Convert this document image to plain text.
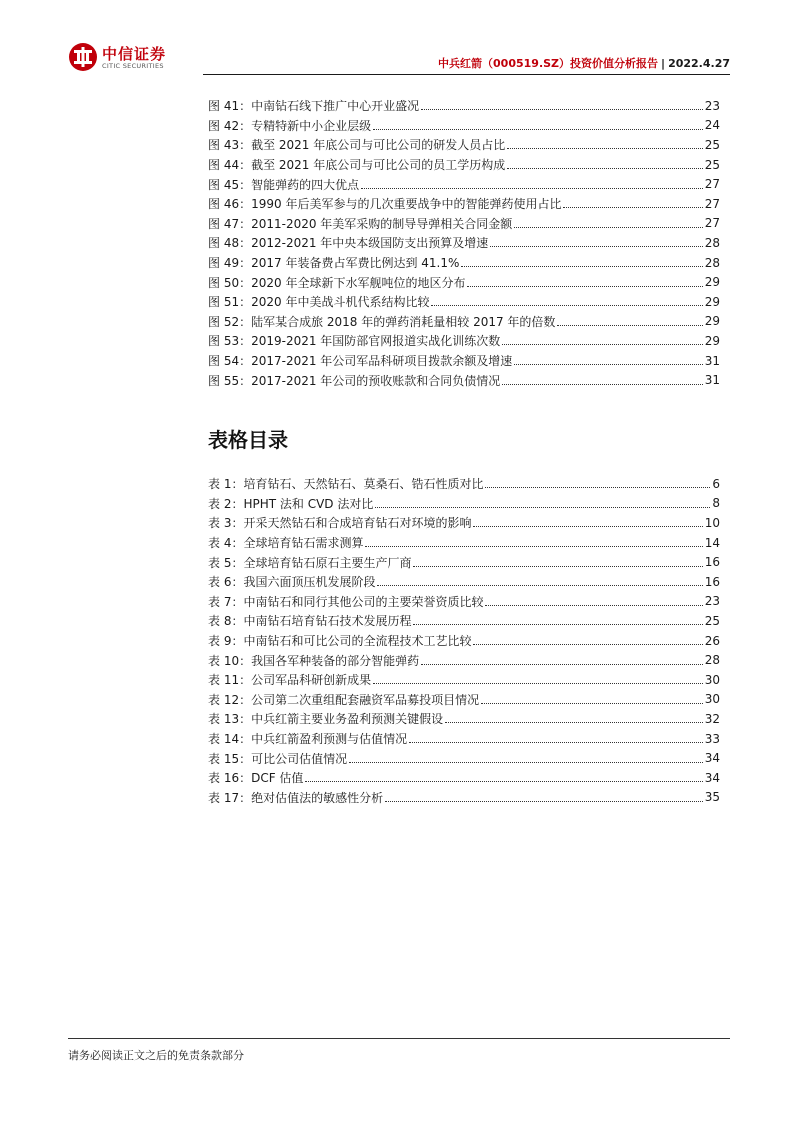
中信证券
CITIC SECURITIES	中兵红箭（000519.SZ）投资价值分析报告 | 2022.4.27
图 41：中南钻石线下推广中心开业盛况	23
图 42：专精特新中小企业层级	24
图 43：截至 2021 年底公司与可比公司的研发人员占比	25
图 44：截至 2021 年底公司与可比公司的员工学历构成	25
图 45：智能弹药的四大优点	27
图 46：1990 年后美军参与的几次重要战争中的智能弹药使用占比	27
图 47：2011-2020 年美军采购的制导导弹相关合同金额	27
图 48：2012-2021 年中央本级国防支出预算及增速	28
图 49：2017 年装备费占军费比例达到 41.1%	28
图 50：2020 年全球新下水军舰吨位的地区分布	29
图 51：2020 年中美战斗机代系结构比较	29
图 52：陆军某合成旅 2018 年的弹药消耗量相较 2017 年的倍数	29
图 53：2019-2021 年国防部官网报道实战化训练次数	29
图 54：2017-2021 年公司军品科研项目拨款余额及增速	31
图 55：2017-2021 年公司的预收账款和合同负债情况	31
表格目录
表 1：培育钻石、天然钻石、莫桑石、锆石性质对比	6
表 2：HPHT 法和 CVD 法对比	8
表 3：开采天然钻石和合成培育钻石对环境的影响	10
表 4：全球培育钻石需求测算	14
表 5：全球培育钻石原石主要生产厂商	16
表 6：我国六面顶压机发展阶段	16
表 7：中南钻石和同行其他公司的主要荣誉资质比较	23
表 8：中南钻石培育钻石技术发展历程	25
表 9：中南钻石和可比公司的全流程技术工艺比较	26
表 10：我国各军种装备的部分智能弹药	28
表 11：公司军品科研创新成果	30
表 12：公司第二次重组配套融资军品募投项目情况	30
表 13：中兵红箭主要业务盈利预测关键假设	32
表 14：中兵红箭盈利预测与估值情况	33
表 15：可比公司估值情况	34
表 16：DCF 估值	34
表 17：绝对估值法的敏感性分析	35
请务必阅读正文之后的免责条款部分
